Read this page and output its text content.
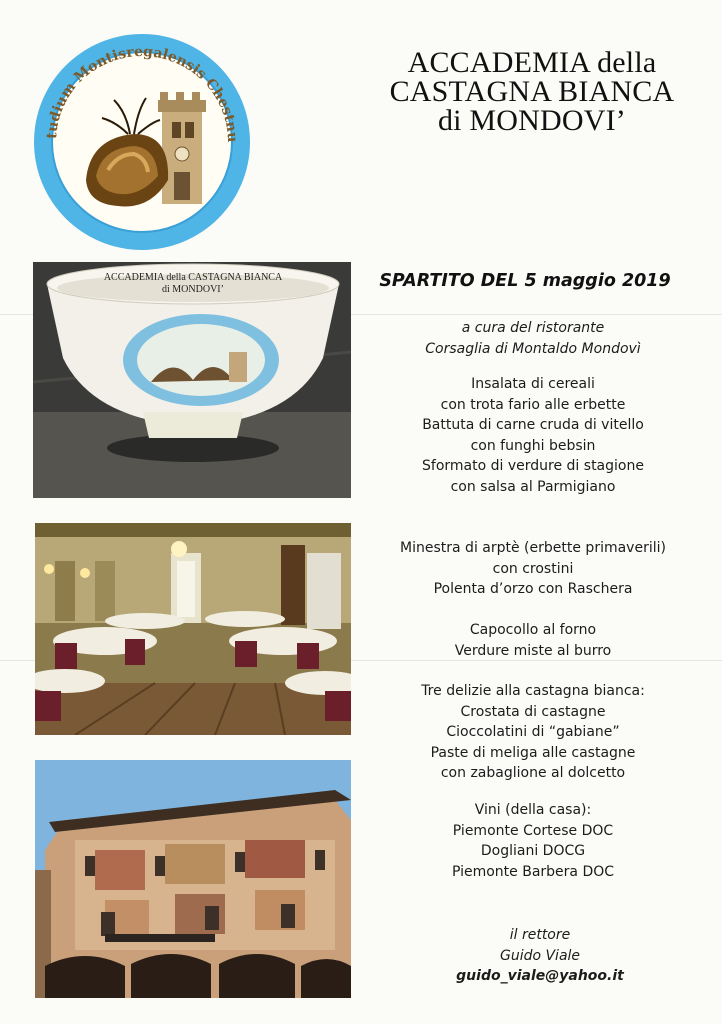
tudium Montisregalensis Chestnu
ACCADEMIA della
CASTAGNA BIANCA
di MONDOVI’
ACCADEMIA della CASTAGNA BIANCA
di MONDOVI’	SPARTITO DEL 5 maggio 2019
a cura del ristorante
Corsaglia di Montaldo Mondovì
Insalata di cereali
con trota fario alle erbette
Battuta di carne cruda di vitello
con funghi bebsin
Sformato di verdure di stagione
con salsa al Parmigiano
Minestra di arptè (erbette primaverili)
con crostini
Polenta d’orzo con Raschera
Capocollo al forno
Verdure miste al burro
Tre delizie alla castagna bianca:
Crostata di castagne
Cioccolatini di “gabiane”
Paste di meliga alle castagne
con zabaglione al dolcetto
Vini (della casa):
Piemonte Cortese DOC
Dogliani DOCG
Piemonte Barbera DOC
il rettore
Guido Viale
guido_viale@yahoo.it
